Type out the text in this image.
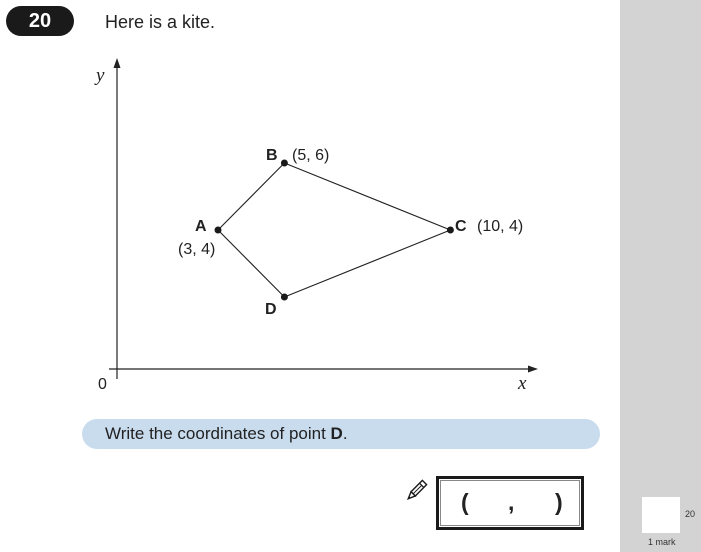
20	Here is a kite.
y
x
0
A
(3, 4)
B (5, 6)
C (10, 4)
D
Write the coordinates of point D.
( , )	20
1 mark
